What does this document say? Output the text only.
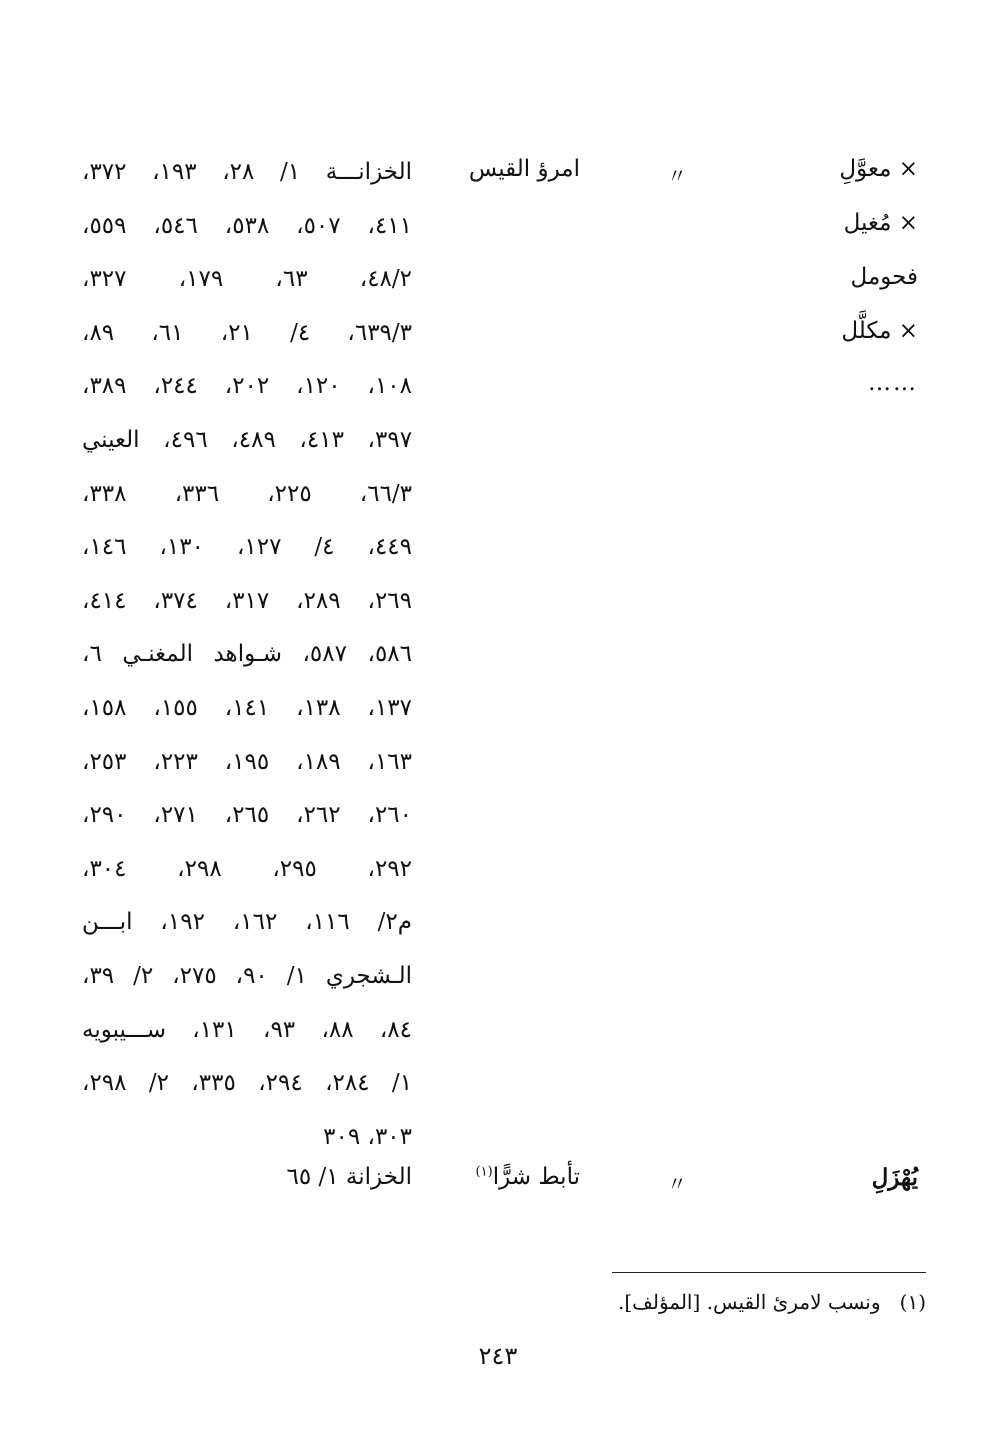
× معوَّلِ
× مُغيل
فحومل
× مكلَّل
……
〃
امرؤ القيس
الخزانـــة ١/ ٢٨، ١٩٣، ٣٧٢،
٤١١، ٥٠٧، ٥٣٨، ٥٤٦، ٥٥٩،
٤٨/٢، ٦٣، ١٧٩، ٣٢٧،
٦٣٩/٣، ٤/ ٢١، ٦١، ٨٩،
١٠٨، ١٢٠، ٢٠٢، ٢٤٤، ٣٨٩،
٣٩٧، ٤١٣، ٤٨٩، ٤٩٦، العيني
٦٦/٣، ٢٢٥، ٣٣٦، ٣٣٨،
٤٤٩، ٤/ ١٢٧، ١٣٠، ١٤٦،
٢٦٩، ٢٨٩، ٣١٧، ٣٧٤، ٤١٤،
٥٨٦، ٥٨٧، شـواهد المغنـي ٦،
١٣٧، ١٣٨، ١٤١، ١٥٥، ١٥٨،
١٦٣، ١٨٩، ١٩٥، ٢٢٣، ٢٥٣،
٢٦٠، ٢٦٢، ٢٦٥، ٢٧١، ٢٩٠،
٢٩٢، ٢٩٥، ٢٩٨، ٣٠٤،
م٢/ ١١٦، ١٦٢، ١٩٢، ابـــن
الـشجري ١/ ٩٠، ٢٧٥، ٢/ ٣٩،
٨٤، ٨٨، ٩٣، ١٣١، ســـيبويه
١/ ٢٨٤، ٢٩٤، ٣٣٥، ٢/ ٢٩٨،
٣٠٣، ٣٠٩
يُهْزَلِ
〃
تأبط شرًّا$^{(١)}$
الخزانة ١/ ٦٥
(١)   ونسب لامرئ القيس. [المؤلف].
٢٤٣
